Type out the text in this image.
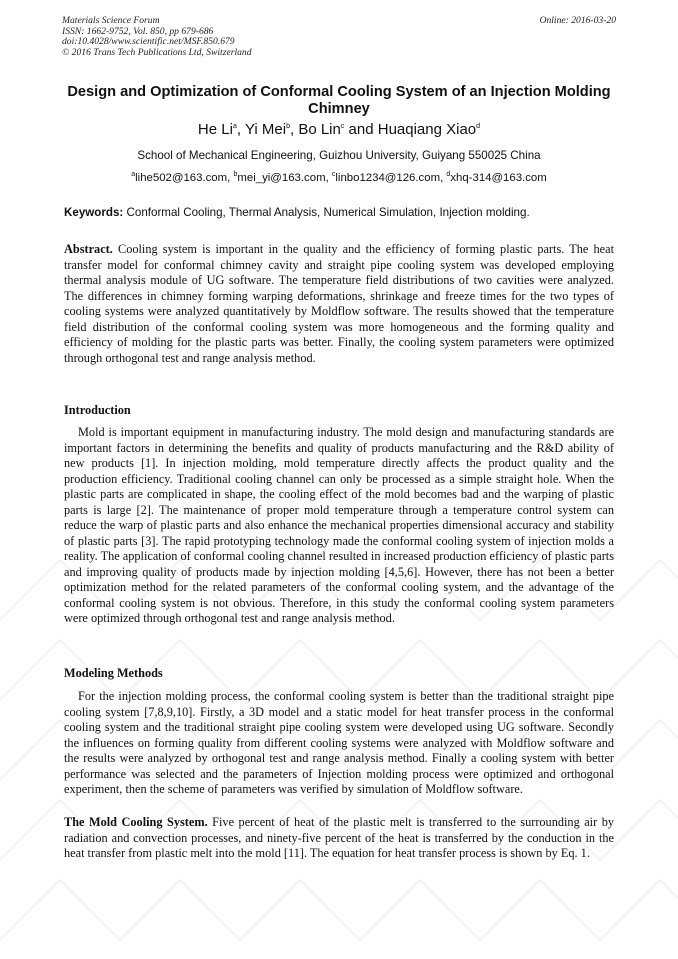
Materials Science Forum
ISSN: 1662-9752, Vol. 850, pp 679-686
doi:10.4028/www.scientific.net/MSF.850.679
© 2016 Trans Tech Publications Ltd, Switzerland
Online: 2016-03-20
Design and Optimization of Conformal Cooling System of an Injection Molding Chimney
He Li$^a$, Yi Mei$^b$, Bo Lin$^c$ and Huaqiang Xiao$^d$
School of Mechanical Engineering, Guizhou University, Guiyang 550025 China
$^a$lihe502@163.com, $^b$mei_yi@163.com, $^c$linbo1234@126.com, $^d$xhq-314@163.com
Keywords: Conformal Cooling, Thermal Analysis, Numerical Simulation, Injection molding.
Abstract. Cooling system is important in the quality and the efficiency of forming plastic parts. The heat transfer model for conformal chimney cavity and straight pipe cooling system was developed employing thermal analysis module of UG software. The temperature field distributions of two cavities were analyzed. The differences in chimney forming warping deformations, shrinkage and freeze times for the two types of cooling systems were analyzed quantitatively by Moldflow software. The results showed that the temperature field distribution of the conformal cooling system was more homogeneous and the forming quality and efficiency of molding for the plastic parts was better. Finally, the cooling system parameters were optimized through orthogonal test and range analysis method.
Introduction
Mold is important equipment in manufacturing industry. The mold design and manufacturing standards are important factors in determining the benefits and quality of products manufacturing and the R&D ability of new products [1]. In injection molding, mold temperature directly affects the product quality and the production efficiency. Traditional cooling channel can only be processed as a simple straight hole. When the plastic parts are complicated in shape, the cooling effect of the mold becomes bad and the warping of plastic parts is large [2]. The maintenance of proper mold temperature through a temperature control system can reduce the warp of plastic parts and also enhance the mechanical properties dimensional accuracy and stability of plastic parts [3]. The rapid prototyping technology made the conformal cooling system of injection molds a reality. The application of conformal cooling channel resulted in increased production efficiency of plastic parts and improving quality of products made by injection molding [4,5,6]. However, there has not been a better optimization method for the related parameters of the conformal cooling system, and the advantage of the conformal cooling system is not obvious. Therefore, in this study the conformal cooling system parameters were optimized through orthogonal test and range analysis method.
Modeling Methods
For the injection molding process, the conformal cooling system is better than the traditional straight pipe cooling system [7,8,9,10]. Firstly, a 3D model and a static model for heat transfer process in the conformal cooling system and the traditional straight pipe cooling system were developed using UG software. Secondly the influences on forming quality from different cooling systems were analyzed with Moldflow software and the results were analyzed by orthogonal test and range analysis method. Finally a cooling system with better performance was selected and the parameters of Injection molding process were optimized and orthogonal experiment, then the scheme of parameters was verified by simulation of Moldflow software.
The Mold Cooling System. Five percent of heat of the plastic melt is transferred to the surrounding air by radiation and convection processes, and ninety-five percent of the heat is transferred by the conduction in the heat transfer from plastic melt into the mold [11]. The equation for heat transfer process is shown by Eq. 1.
